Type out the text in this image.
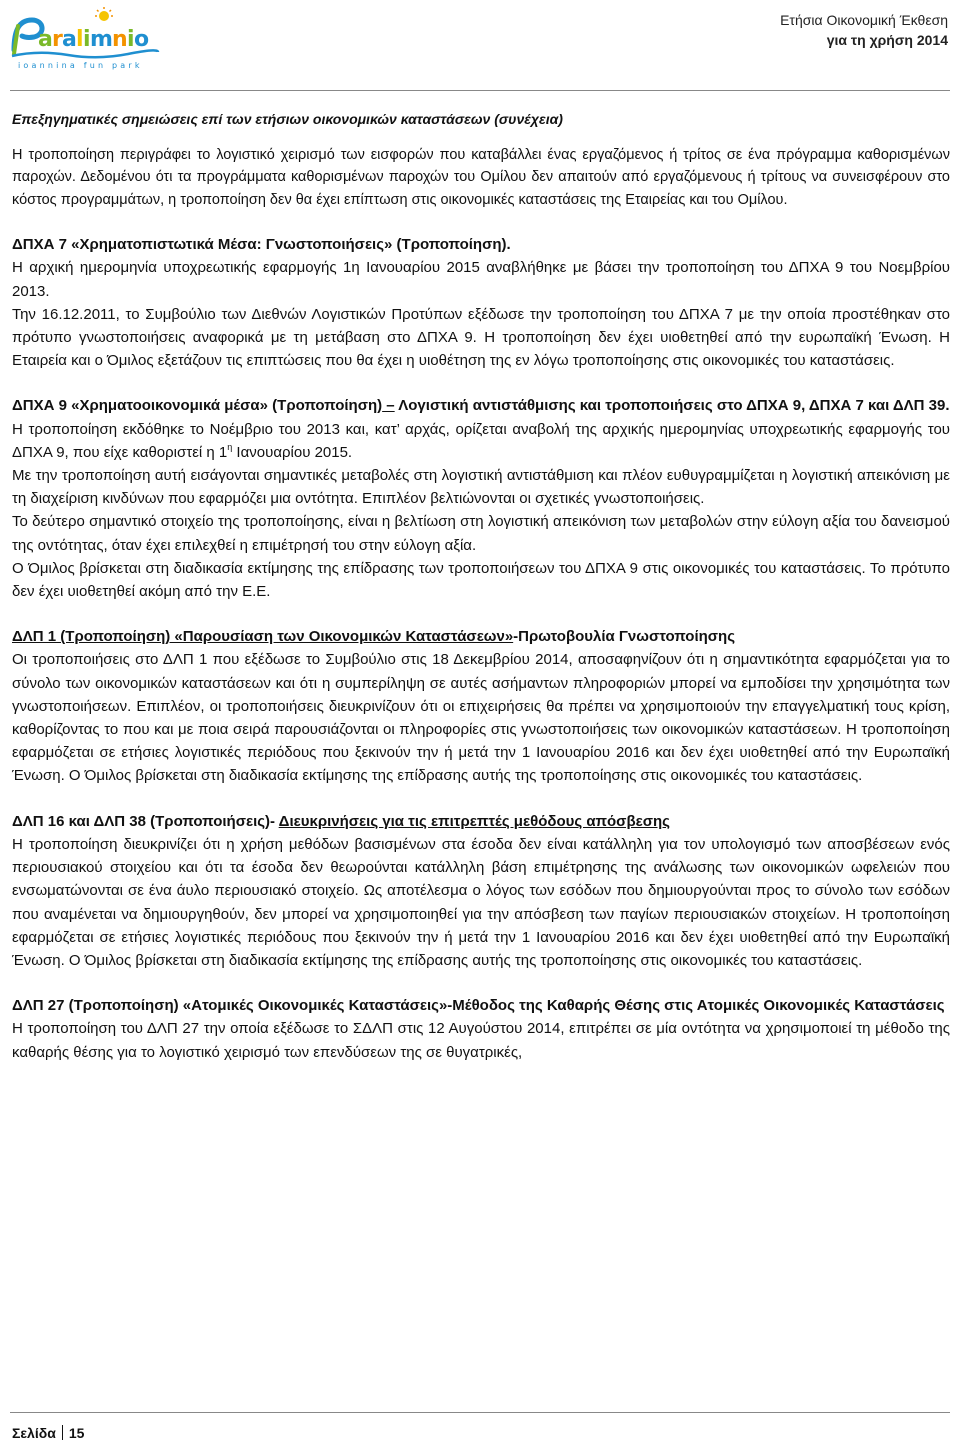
a r a l i m n i o
ioannina fun park
Ετήσια Οικονομική Έκθεση
για τη χρήση 2014
Επεξηγηματικές σημειώσεις επί των ετήσιων οικονομικών καταστάσεων (συνέχεια)

Η τροποποίηση περιγράφει το λογιστικό χειρισμό των εισφορών που καταβάλλει ένας εργαζόμενος ή τρίτος σε ένα πρόγραμμα καθορισμένων παροχών. Δεδομένου ότι τα προγράμματα καθορισμένων παροχών του Ομίλου δεν απαιτούν από εργαζόμενους ή τρίτους να συνεισφέρουν στο κόστος προγραμμάτων, η τροποποίηση δεν θα έχει επίπτωση στις οικονομικές καταστάσεις της Εταιρείας και του Ομίλου.

ΔΠΧΑ 7 «Χρηματοπιστωτικά Μέσα: Γνωστοποιήσεις» (Τροποποίηση).

Η αρχική ημερομηνία υποχρεωτικής εφαρμογής 1η Ιανουαρίου 2015 αναβλήθηκε με βάσει την τροποποίηση του ΔΠΧΑ 9 του Νοεμβρίου 2013.

Την 16.12.2011, το Συμβούλιο των Διεθνών Λογιστικών Προτύπων εξέδωσε την τροποποίηση του ΔΠΧΑ 7 με την οποία προστέθηκαν στο πρότυπο γνωστοποιήσεις αναφορικά με τη μετάβαση στο ΔΠΧΑ 9. Η τροποποίηση δεν έχει υιοθετηθεί από την ευρωπαϊκή Ένωση. Η Εταιρεία και ο Όμιλος εξετάζουν τις επιπτώσεις που θα έχει η υιοθέτηση της εν λόγω τροποποίησης στις οικονομικές του καταστάσεις.

ΔΠΧΑ 9 «Χρηματοοικονομικά μέσα» (Τροποποίηση) – Λογιστική αντιστάθμισης και τροποποιήσεις στο ΔΠΧΑ 9, ΔΠΧΑ 7 και ΔΛΠ 39.

Η τροποποίηση εκδόθηκε το Νοέμβριο του 2013 και, κατ’ αρχάς, ορίζεται αναβολή της αρχικής ημερομηνίας υποχρεωτικής εφαρμογής του ΔΠΧΑ 9, που είχε καθοριστεί η $1^\eta$ Ιανουαρίου 2015.

Με την τροποποίηση αυτή εισάγονται σημαντικές μεταβολές στη λογιστική αντιστάθμιση και πλέον ευθυγραμμίζεται η λογιστική απεικόνιση με τη διαχείριση κινδύνων που εφαρμόζει μια οντότητα. Επιπλέον βελτιώνονται οι σχετικές γνωστοποιήσεις.

Το δεύτερο σημαντικό στοιχείο της τροποποίησης, είναι η βελτίωση στη λογιστική απεικόνιση των μεταβολών στην εύλογη αξία του δανεισμού της οντότητας, όταν έχει επιλεχθεί η επιμέτρησή του στην εύλογη αξία.

Ο Όμιλος βρίσκεται στη διαδικασία εκτίμησης της επίδρασης των τροποποιήσεων του ΔΠΧΑ 9 στις οικονομικές του καταστάσεις. Το πρότυπο δεν έχει υιοθετηθεί ακόμη από την Ε.Ε.

ΔΛΠ 1 (Τροποποίηση) «Παρουσίαση των Οικονομικών Καταστάσεων»-Πρωτοβουλία Γνωστοποίησης

Οι τροποποιήσεις στο ΔΛΠ 1 που εξέδωσε το Συμβούλιο στις 18 Δεκεμβρίου 2014, αποσαφηνίζουν ότι η σημαντικότητα εφαρμόζεται για το σύνολο των οικονομικών καταστάσεων και ότι η συμπερίληψη σε αυτές ασήμαντων πληροφοριών μπορεί να εμποδίσει την χρησιμότητα των γνωστοποιήσεων. Επιπλέον, οι τροποποιήσεις διευκρινίζουν ότι οι επιχειρήσεις θα πρέπει να χρησιμοποιούν την επαγγελματική τους κρίση, καθορίζοντας το που και με ποια σειρά παρουσιάζονται οι πληροφορίες στις γνωστοποιήσεις των οικονομικών καταστάσεων. Η τροποποίηση εφαρμόζεται σε ετήσιες λογιστικές περιόδους που ξεκινούν την ή μετά την 1 Ιανουαρίου 2016 και δεν έχει υιοθετηθεί από την Ευρωπαϊκή Ένωση. Ο Όμιλος βρίσκεται στη διαδικασία εκτίμησης της επίδρασης αυτής της τροποποίησης στις οικονομικές του καταστάσεις.

ΔΛΠ 16 και ΔΛΠ 38 (Τροποποιήσεις)- Διευκρινήσεις για τις επιτρεπτές μεθόδους απόσβεσης

Η τροποποίηση διευκρινίζει ότι η χρήση μεθόδων βασισμένων στα έσοδα δεν είναι κατάλληλη για τον υπολογισμό των αποσβέσεων ενός περιουσιακού στοιχείου και ότι τα έσοδα δεν θεωρούνται κατάλληλη βάση επιμέτρησης της ανάλωσης των οικονομικών ωφελειών που ενσωματώνονται σε ένα άυλο περιουσιακό στοιχείο. Ως αποτέλεσμα ο λόγος των εσόδων που δημιουργούνται προς το σύνολο των εσόδων που αναμένεται να δημιουργηθούν, δεν μπορεί να χρησιμοποιηθεί για την απόσβεση των παγίων περιουσιακών στοιχείων. Η τροποποίηση εφαρμόζεται σε ετήσιες λογιστικές περιόδους που ξεκινούν την ή μετά την 1 Ιανουαρίου 2016 και δεν έχει υιοθετηθεί από την Ευρωπαϊκή Ένωση. Ο Όμιλος βρίσκεται στη διαδικασία εκτίμησης της επίδρασης αυτής της τροποποίησης στις οικονομικές του καταστάσεις.

ΔΛΠ 27 (Τροποποίηση) «Ατομικές Οικονομικές Καταστάσεις»-Μέθοδος της Καθαρής Θέσης στις Ατομικές Οικονομικές Καταστάσεις

Η τροποποίηση του ΔΛΠ 27 την οποία εξέδωσε το ΣΔΛΠ στις 12 Αυγούστου 2014, επιτρέπει σε μία οντότητα να χρησιμοποιεί τη μέθοδο της καθαρής θέσης για το λογιστικό χειρισμό των επενδύσεων της σε θυγατρικές,

Σελίδα 15
